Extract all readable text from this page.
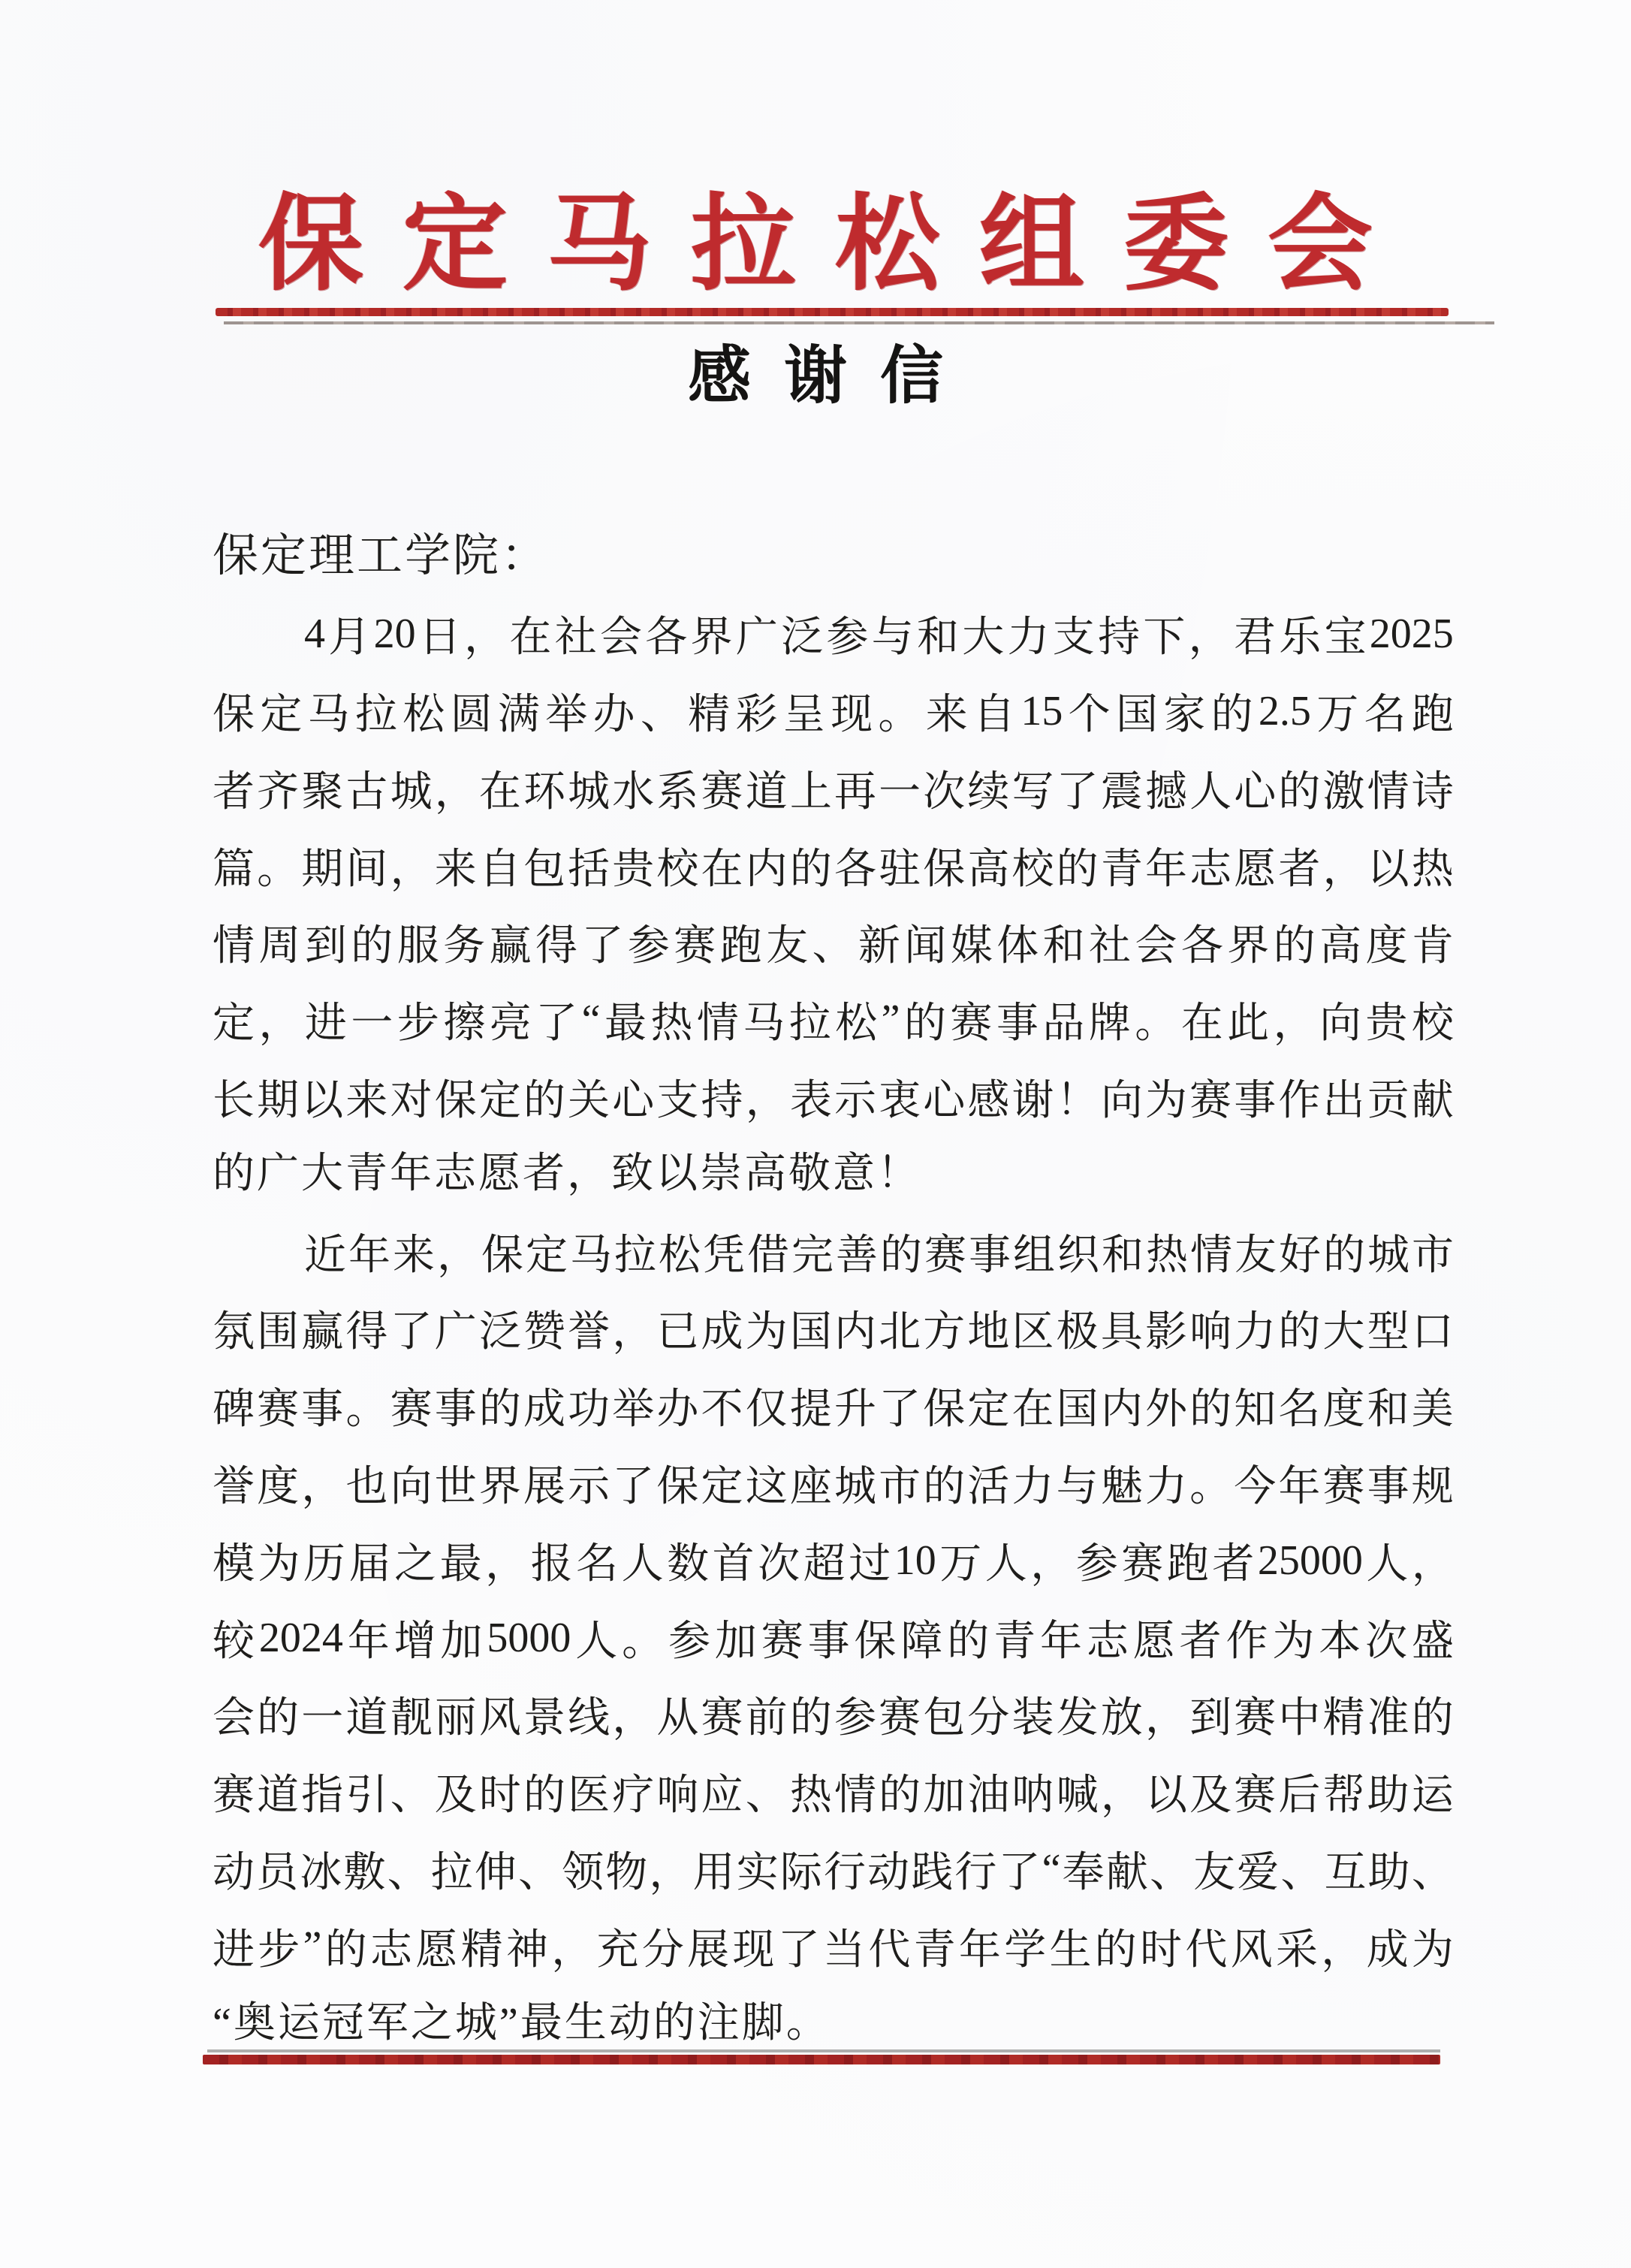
保定马拉松组委会
感谢信
保定理工学院：
4 月 20 日 ， 在 社 会 各 界 广 泛 参 与 和 大 力 支 持 下 ， 君 乐 宝 2025
保 定 马 拉 松 圆 满 举 办 、 精 彩 呈 现 。 来 自 15 个 国 家 的 2.5 万 名 跑
者 齐 聚 古 城 ， 在 环 城 水 系 赛 道 上 再 一 次 续 写 了 震 撼 人 心 的 激 情 诗
篇 。 期 间 ， 来 自 包 括 贵 校 在 内 的 各 驻 保 高 校 的 青 年 志 愿 者 ， 以 热
情 周 到 的 服 务 赢 得 了 参 赛 跑 友 、 新 闻 媒 体 和 社 会 各 界 的 高 度 肯
定 ， 进 一 步 擦 亮 了 “ 最 热 情 马 拉 松 ” 的 赛 事 品 牌 。 在 此 ， 向 贵 校
长 期 以 来 对 保 定 的 关 心 支 持 ， 表 示 衷 心 感 谢 ！ 向 为 赛 事 作 出 贡 献
的广大青年志愿者，致以崇高敬意！
近 年 来 ， 保 定 马 拉 松 凭 借 完 善 的 赛 事 组 织 和 热 情 友 好 的 城 市
氛 围 赢 得 了 广 泛 赞 誉 ， 已 成 为 国 内 北 方 地 区 极 具 影 响 力 的 大 型 口
碑 赛 事 。 赛 事 的 成 功 举 办 不 仅 提 升 了 保 定 在 国 内 外 的 知 名 度 和 美
誉 度 ， 也 向 世 界 展 示 了 保 定 这 座 城 市 的 活 力 与 魅 力 。 今 年 赛 事 规
模 为 历 届 之 最 ， 报 名 人 数 首 次 超 过 10 万 人 ， 参 赛 跑 者 25000 人 ，
较 2024 年 增 加 5000 人 。 参 加 赛 事 保 障 的 青 年 志 愿 者 作 为 本 次 盛
会 的 一 道 靓 丽 风 景 线 ， 从 赛 前 的 参 赛 包 分 装 发 放 ， 到 赛 中 精 准 的
赛 道 指 引 、 及 时 的 医 疗 响 应 、 热 情 的 加 油 呐 喊 ， 以 及 赛 后 帮 助 运
动 员 冰 敷 、 拉 伸 、 领 物 ， 用 实 际 行 动 践 行 了 “ 奉 献 、 友 爱 、 互 助 、
进 步 ” 的 志 愿 精 神 ， 充 分 展 现 了 当 代 青 年 学 生 的 时 代 风 采 ， 成 为
“奥运冠军之城”最生动的注脚。
